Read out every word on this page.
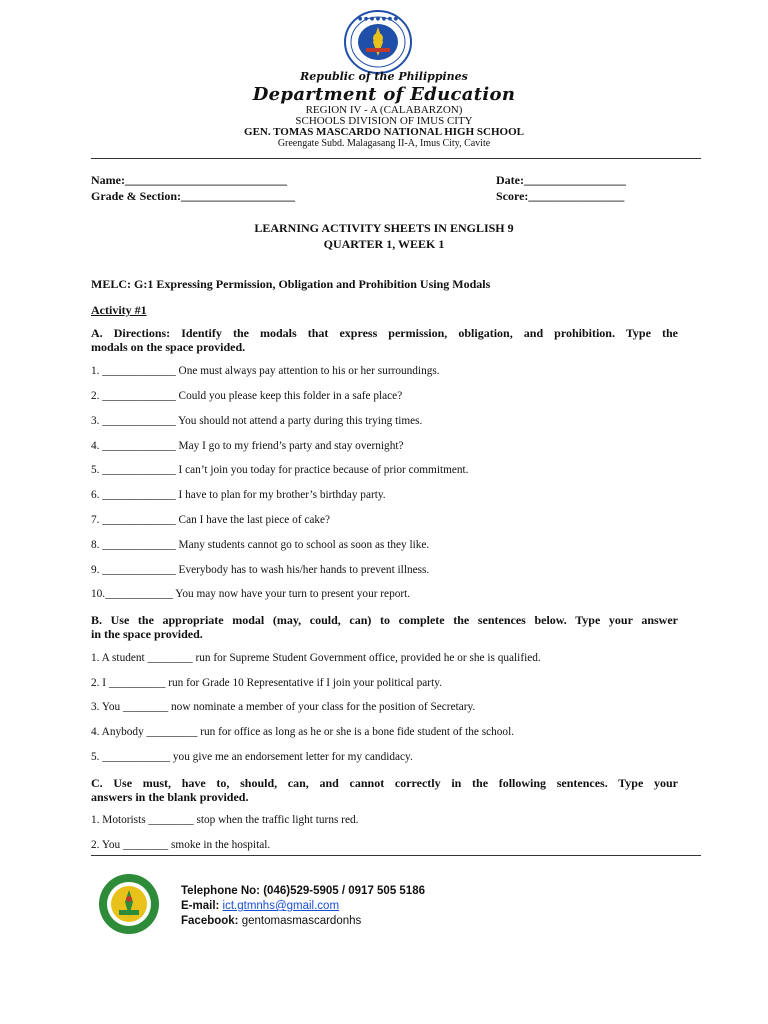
● ● ● ● ● ● ●
Republic of the Philippines
Department of Education
REGION IV - A (CALABARZON)
SCHOOLS DIVISION OF IMUS CITY
GEN. TOMAS MASCARDO NATIONAL HIGH SCHOOL
Greengate Subd. Malagasang II-A, Imus City, Cavite
Name:___________________________	Date:_________________
Grade & Section:___________________	Score:________________
LEARNING ACTIVITY SHEETS IN ENGLISH 9
QUARTER 1, WEEK 1
MELC: G:1 Expressing Permission, Obligation and Prohibition Using Modals
Activity #1
A. Directions: Identify the modals that express permission, obligation, and prohibition. Type the
modals on the space provided.
1. _____________ One must always pay attention to his or her surroundings.
2. _____________ Could you please keep this folder in a safe place?
3. _____________ You should not attend a party during this trying times.
4. _____________ May I go to my friend’s party and stay overnight?
5. _____________ I can’t join you today for practice because of prior commitment.
6. _____________ I have to plan for my brother’s birthday party.
7. _____________ Can I have the last piece of cake?
8. _____________ Many students cannot go to school as soon as they like.
9. _____________ Everybody has to wash his/her hands to prevent illness.
10.____________ You may now have your turn to present your report.
B. Use the appropriate modal (may, could, can) to complete the sentences below. Type your answer
in the space provided.
1. A student ________ run for Supreme Student Government office, provided he or she is qualified.
2. I __________ run for Grade 10 Representative if I join your political party.
3. You ________ now nominate a member of your class for the position of Secretary.
4. Anybody _________ run for office as long as he or she is a bone fide student of the school.
5. ____________ you give me an endorsement letter for my candidacy.
C. Use must, have to, should, can, and cannot correctly in the following sentences. Type your
answers in the blank provided.
1. Motorists ________ stop when the traffic light turns red.
2. You ________ smoke in the hospital.
Telephone No: (046)529-5905 / 0917 505 5186
E-mail: ict.gtmnhs@gmail.com
Facebook: gentomasmascardonhs
